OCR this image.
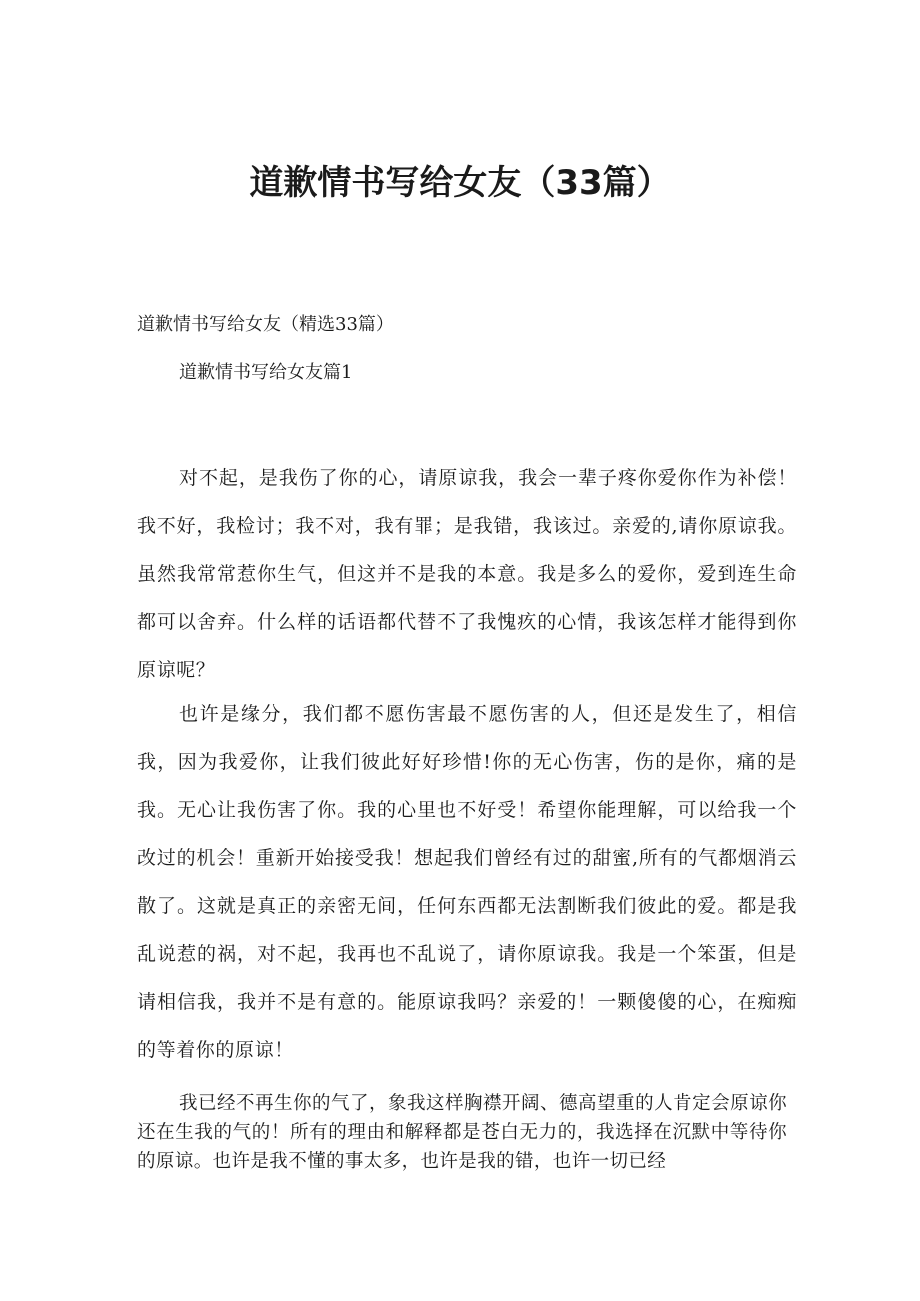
道歉情书写给女友（33篇）
道歉情书写给女友（精选33篇）
道歉情书写给女友篇1

对不起，是我伤了你的心，请原谅我，我会一辈子疼你爱你作为补偿！我不好，我检讨；我不对，我有罪；是我错，我该过。亲爱的,请你原谅我。虽然我常常惹你生气，但这并不是我的本意。我是多么的爱你，爱到连生命都可以舍弃。什么样的话语都代替不了我愧疚的心情，我该怎样才能得到你原谅呢？

也许是缘分，我们都不愿伤害最不愿伤害的人，但还是发生了，相信我，因为我爱你，让我们彼此好好珍惜!你的无心伤害，伤的是你，痛的是我。无心让我伤害了你。我的心里也不好受！希望你能理解，可以给我一个改过的机会！重新开始接受我！想起我们曾经有过的甜蜜,所有的气都烟消云散了。这就是真正的亲密无间，任何东西都无法割断我们彼此的爱。都是我乱说惹的祸，对不起，我再也不乱说了，请你原谅我。我是一个笨蛋，但是请相信我，我并不是有意的。能原谅我吗？亲爱的！一颗傻傻的心，在痴痴的等着你的原谅！

我已经不再生你的气了，象我这样胸襟开阔、德高望重的人肯定会原谅你还在生我的气的！所有的理由和解释都是苍白无力的，我选择在沉默中等待你的原谅。也许是我不懂的事太多，也许是我的错，也许一切已经
